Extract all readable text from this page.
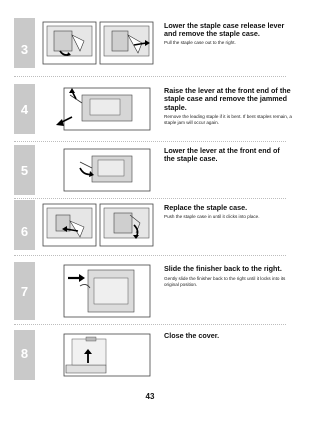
3

Lower the staple case release lever and remove the staple case.

Pull the staple case out to the right.

4

Raise the lever at the front end of the staple case and remove the jammed staple.

Remove the leading staple if it is bent. If bent staples remain, a staple jam will occur again.

5

Lower the lever at the front end of the staple case.

6

Replace the staple case.

Push the staple case in until it clicks into place.

7

Slide the finisher back to the right.

Gently slide the finisher back to the right until it locks into its original position.

8

Close the cover.

43
